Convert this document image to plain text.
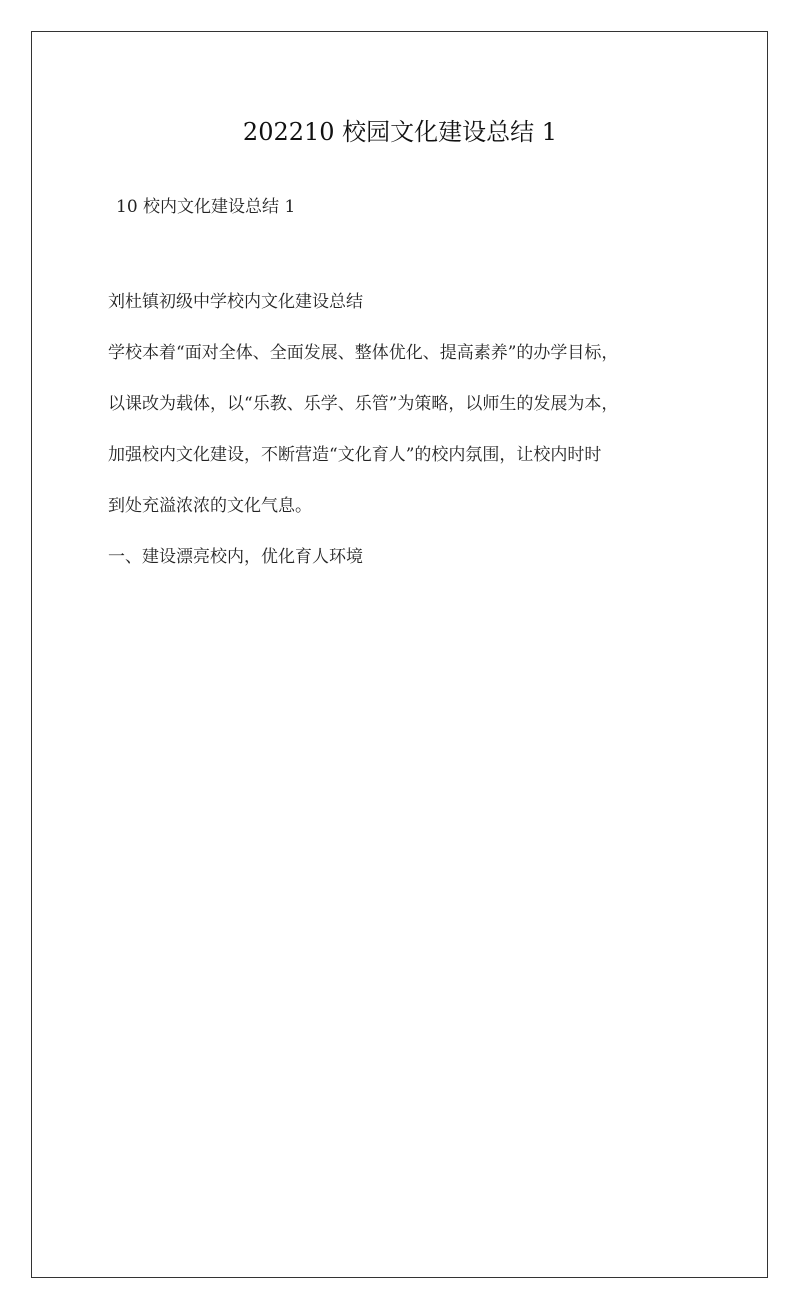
202210 校园文化建设总结 1
10 校内文化建设总结 1
刘杜镇初级中学校内文化建设总结
学校本着“面对全体、全面发展、整体优化、提高素养”的办学目标，
以课改为载体，以“乐教、乐学、乐管”为策略，以师生的发展为本，
加强校内文化建设，不断营造“文化育人”的校内氛围，让校内时时
到处充溢浓浓的文化气息。
一、建设漂亮校内，优化育人环境
